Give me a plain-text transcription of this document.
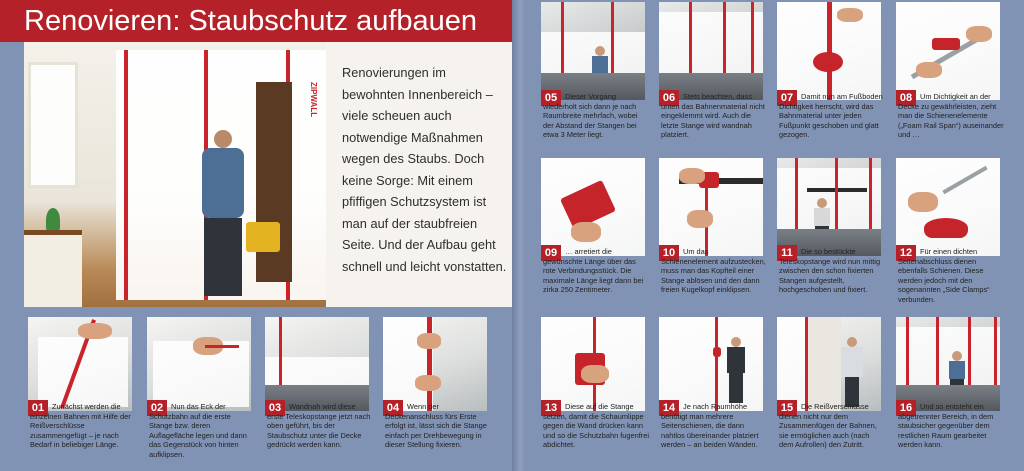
Renovieren: Staubschutz aufbauen
ZIPWALL
Renovierungen im bewohnten Innenbereich – viele scheuen auch notwendige Maßnahmen wegen des Staubs. Doch keine Sorge: Mit einem pfiffigen Schutzsystem ist man auf der staubfreien Seite. Und der Aufbau geht schnell und leicht vonstatten.
01	Zunächst werden die einzelnen Bahnen mit Hilfe der Reißverschlüsse zusammengefügt – je nach Bedarf in beliebiger Länge.

02	Nun das Eck der Schutzbahn auf die erste Stange bzw. deren Auflagefläche legen und dann das Gegenstück von hinten aufklipsen.

03	Wandnah wird diese erste Teleskopstange jetzt nach oben geführt, bis der Staubschutz unter die Decke gedrückt werden kann.

04	Wenn der Deckenanschluss fürs Erste erfolgt ist, lässt sich die Stange einfach per Drehbewegung in dieser Stellung fixieren.

05	Dieser Vorgang wiederholt sich dann je nach Raumbreite mehrfach, wobei der Abstand der Stangen bei etwa 3 Meter liegt.

06	Stets beachten, dass unten das Bahnenmaterial nicht eingeklemmt wird. Auch die letzte Stange wird wandnah platziert.

07	Damit nun am Fußboden Dichtigkeit herrscht, wird das Bahnmaterial unter jeden Fußpunkt geschoben und glatt gezogen.

08	Um Dichtigkeit an der Decke zu gewährleisten, zieht man die Schienenelemente („Foam Rail Span“) auseinander und …

09	… arretiert die gewünschte Länge über das rote Verbindungsstück. Die maximale Länge liegt dann bei zirka 250 Zentimeter.

10	Um das Schienenelement aufzustecken, muss man das Kopfteil einer Stange ablösen und den dann freien Kugelkopf einklipsen.

11	Die so bestückte Teleskopstange wird nun mittig zwischen den schon fixierten Stangen aufgestellt, hochgeschoben und fixiert.

12	Für einen dichten Seitenabschluss dienen ebenfalls Schienen. Diese werden jedoch mit den sogenannten „Side Clamps“ verbunden.

13	Diese auf die Stange setzen, damit die Schaumlippe gegen die Wand drücken kann und so die Schutzbahn fugenfrei abdichtet.

14	Je nach Raumhöhe benötigt man mehrere Seitenschienen, die dann nahtlos übereinander platziert werden – an beiden Wänden.

15	Die Reißverschlüsse dienen nicht nur dem Zusammenfügen der Bahnen, sie ermöglichen auch (nach dem Aufrollen) den Zutritt.

16	Und so entsteht ein abgetrennter Bereich, in dem staubsicher gegenüber dem restlichen Raum gearbeitet werden kann.
